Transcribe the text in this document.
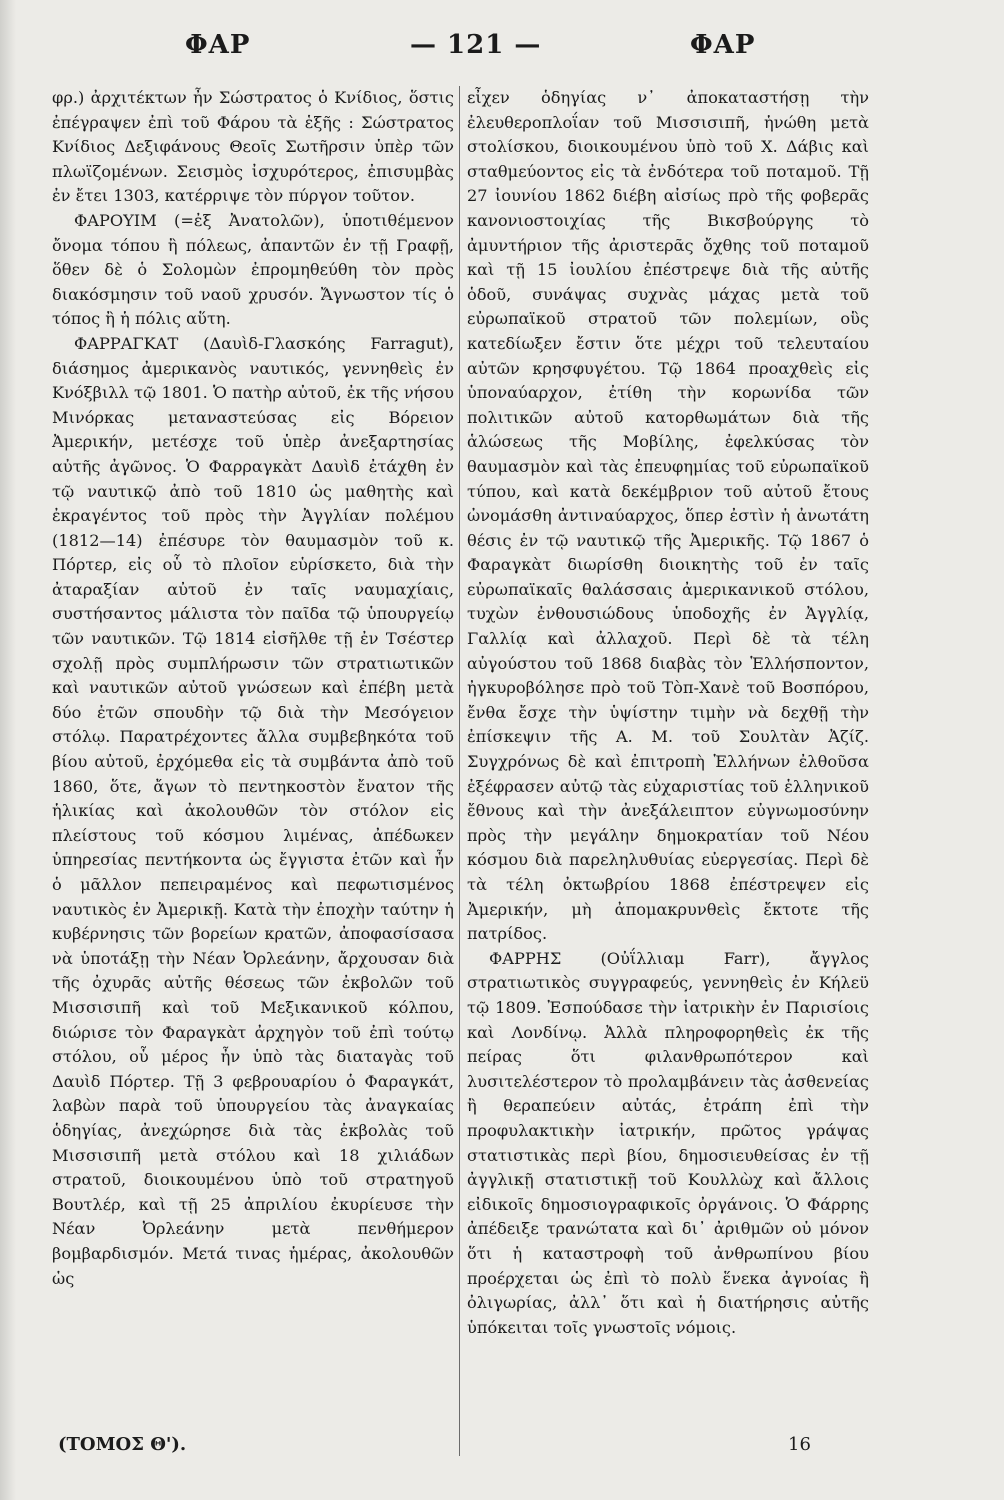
ΦΑΡ	— 121 —	ΦΑΡ

φρ.) ἀρχιτέκτων ἦν Σώστρατος ὁ Κνίδιος, ὅστις ἐπέγραψεν ἐπὶ τοῦ Φάρου τὰ ἑξῆς : Σώστρατος Κνίδιος Δεξιφάνους Θεοῖς Σωτῆρσιν ὑπὲρ τῶν πλωϊζομένων. Σεισμὸς ἰσχυρότερος, ἐπισυμβὰς ἐν ἔτει 1303, κατέρριψε τὸν πύργον τοῦτον.

ΦΑΡΟΥΙΜ (=ἐξ Ἀνατολῶν), ὑποτιθέμενον ὄνομα τόπου ἢ πόλεως, ἀπαντῶν ἐν τῇ Γραφῇ, ὅθεν δὲ ὁ Σολομὼν ἐπρομηθεύθη τὸν πρὸς διακόσμησιν τοῦ ναοῦ χρυσόν. Ἄγνωστον τίς ὁ τόπος ἢ ἡ πόλις αὕτη.

ΦΑΡΡΑΓΚΑΤ (Δαυὶδ-Γλασκόης Farragut), διάσημος ἀμερικανὸς ναυτικός, γεννηθεὶς ἐν Κνόξβιλλ τῷ 1801. Ὁ πατὴρ αὐτοῦ, ἐκ τῆς νήσου Μινόρκας μεταναστεύσας εἰς Βόρειον Ἀμερικήν, μετέσχε τοῦ ὑπὲρ ἀνεξαρτησίας αὐτῆς ἀγῶνος. Ὁ Φαρραγκὰτ Δαυὶδ ἐτάχθη ἐν τῷ ναυτικῷ ἀπὸ τοῦ 1810 ὡς μαθητὴς καὶ ἐκραγέντος τοῦ πρὸς τὴν Ἀγγλίαν πολέμου (1812—14) ἐπέσυρε τὸν θαυμασμὸν τοῦ κ. Πόρτερ, εἰς οὗ τὸ πλοῖον εὑρίσκετο, διὰ τὴν ἀταραξίαν αὐτοῦ ἐν ταῖς ναυμαχίαις, συστήσαντος μάλιστα τὸν παῖδα τῷ ὑπουργείῳ τῶν ναυτικῶν. Τῷ 1814 εἰσῆλθε τῇ ἐν Τσέστερ σχολῇ πρὸς συμπλήρωσιν τῶν στρατιωτικῶν καὶ ναυτικῶν αὐτοῦ γνώσεων καὶ ἐπέβη μετὰ δύο ἐτῶν σπουδὴν τῷ διὰ τὴν Μεσόγειον στόλῳ. Παρατρέχοντες ἄλλα συμβεβηκότα τοῦ βίου αὐτοῦ, ἐρχόμεθα εἰς τὰ συμβάντα ἀπὸ τοῦ 1860, ὅτε, ἄγων τὸ πεντηκοστὸν ἔνατον τῆς ἡλικίας καὶ ἀκολουθῶν τὸν στόλον εἰς πλείστους τοῦ κόσμου λιμένας, ἀπέδωκεν ὑπηρεσίας πεντήκοντα ὡς ἔγγιστα ἐτῶν καὶ ἦν ὁ μᾶλλον πεπειραμένος καὶ πεφωτισμένος ναυτικὸς ἐν Ἀμερικῇ. Κατὰ τὴν ἐποχὴν ταύτην ἡ κυβέρνησις τῶν βορείων κρατῶν, ἀποφασίσασα νὰ ὑποτάξῃ τὴν Νέαν Ὀρλεάνην, ἄρχουσαν διὰ τῆς ὀχυρᾶς αὐτῆς θέσεως τῶν ἐκβολῶν τοῦ Μισσισιπῆ καὶ τοῦ Μεξικανικοῦ κόλπου, διώρισε τὸν Φαραγκὰτ ἀρχηγὸν τοῦ ἐπὶ τούτῳ στόλου, οὗ μέρος ἦν ὑπὸ τὰς διαταγὰς τοῦ Δαυὶδ Πόρτερ. Τῇ 3 φεβρουαρίου ὁ Φαραγκάτ, λαβὼν παρὰ τοῦ ὑπουργείου τὰς ἀναγκαίας ὁδηγίας, ἀνεχώρησε διὰ τὰς ἐκβολὰς τοῦ Μισσισιπῆ μετὰ στόλου καὶ 18 χιλιάδων στρατοῦ, διοικουμένου ὑπὸ τοῦ στρατηγοῦ Βουτλέρ, καὶ τῇ 25 ἀπριλίου ἐκυρίευσε τὴν Νέαν Ὀρλεάνην μετὰ πενθήμερον βομβαρδισμόν. Μετά τινας ἡμέρας, ἀκολουθῶν ὡς

εἶχεν ὁδηγίας ν᾿ ἀποκαταστήσῃ τὴν ἐλευθεροπλοΐαν τοῦ Μισσισιπῆ, ἡνώθη μετὰ στολίσκου, διοικουμένου ὑπὸ τοῦ Χ. Δάβις καὶ σταθμεύοντος εἰς τὰ ἐνδότερα τοῦ ποταμοῦ. Τῇ 27 ἰουνίου 1862 διέβη αἰσίως πρὸ τῆς φοβερᾶς κανονιοστοιχίας τῆς Βικσβούργης τὸ ἀμυντήριον τῆς ἀριστερᾶς ὄχθης τοῦ ποταμοῦ καὶ τῇ 15 ἰουλίου ἐπέστρεψε διὰ τῆς αὐτῆς ὁδοῦ, συνάψας συχνὰς μάχας μετὰ τοῦ εὐρωπαϊκοῦ στρατοῦ τῶν πολεμίων, οὓς κατεδίωξεν ἔστιν ὅτε μέχρι τοῦ τελευταίου αὐτῶν κρησφυγέτου. Τῷ 1864 προαχθεὶς εἰς ὑποναύαρχον, ἐτίθη τὴν κορωνίδα τῶν πολιτικῶν αὐτοῦ κατορθωμάτων διὰ τῆς ἁλώσεως τῆς Μοβίλης, ἐφελκύσας τὸν θαυμασμὸν καὶ τὰς ἐπευφημίας τοῦ εὐρωπαϊκοῦ τύπου, καὶ κατὰ δεκέμβριον τοῦ αὐτοῦ ἔτους ὠνομάσθη ἀντιναύαρχος, ὅπερ ἐστὶν ἡ ἀνωτάτη θέσις ἐν τῷ ναυτικῷ τῆς Ἀμερικῆς. Τῷ 1867 ὁ Φαραγκὰτ διωρίσθη διοικητὴς τοῦ ἐν ταῖς εὐρωπαϊκαῖς θαλάσσαις ἀμερικανικοῦ στόλου, τυχὼν ἐνθουσιώδους ὑποδοχῆς ἐν Ἀγγλίᾳ, Γαλλίᾳ καὶ ἀλλαχοῦ. Περὶ δὲ τὰ τέλη αὐγούστου τοῦ 1868 διαβὰς τὸν Ἑλλήσποντον, ἠγκυροβόλησε πρὸ τοῦ Τὸπ-Χανὲ τοῦ Βοσπόρου, ἔνθα ἔσχε τὴν ὑψίστην τιμὴν νὰ δεχθῇ τὴν ἐπίσκεψιν τῆς Α. Μ. τοῦ Σουλτὰν Ἀζίζ. Συγχρόνως δὲ καὶ ἐπιτροπὴ Ἑλλήνων ἐλθοῦσα ἐξέφρασεν αὐτῷ τὰς εὐχαριστίας τοῦ ἑλληνικοῦ ἔθνους καὶ τὴν ἀνεξάλειπτον εὐγνωμοσύνην πρὸς τὴν μεγάλην δημοκρατίαν τοῦ Νέου κόσμου διὰ παρεληλυθυίας εὐεργεσίας. Περὶ δὲ τὰ τέλη ὀκτωβρίου 1868 ἐπέστρεψεν εἰς Ἀμερικήν, μὴ ἀπομακρυνθεὶς ἔκτοτε τῆς πατρίδος.

ΦΑΡΡΗΣ (Οὐΐλλιαμ Farr), ἄγγλος στρατιωτικὸς συγγραφεύς, γεννηθεὶς ἐν Κήλεϋ τῷ 1809. Ἐσπούδασε τὴν ἰατρικὴν ἐν Παρισίοις καὶ Λονδίνῳ. Ἀλλὰ πληροφορηθεὶς ἐκ τῆς πείρας ὅτι φιλανθρωπότερον καὶ λυσιτελέστερον τὸ προλαμβάνειν τὰς ἀσθενείας ἢ θεραπεύειν αὐτάς, ἐτράπη ἐπὶ τὴν προφυλακτικὴν ἰατρικήν, πρῶτος γράψας στατιστικὰς περὶ βίου, δημοσιευθείσας ἐν τῇ ἀγγλικῇ στατιστικῇ τοῦ Κουλλὼχ καὶ ἄλλοις εἰδικοῖς δημοσιογραφικοῖς ὀργάνοις. Ὁ Φάρρης ἀπέδειξε τρανώτατα καὶ δι᾿ ἀριθμῶν οὐ μόνον ὅτι ἡ καταστροφὴ τοῦ ἀνθρωπίνου βίου προέρχεται ὡς ἐπὶ τὸ πολὺ ἕνεκα ἀγνοίας ἢ ὀλιγωρίας, ἀλλ᾿ ὅτι καὶ ἡ διατήρησις αὐτῆς ὑπόκειται τοῖς γνωστοῖς νόμοις.

(ΤΟΜΟΣ Θ').	16
